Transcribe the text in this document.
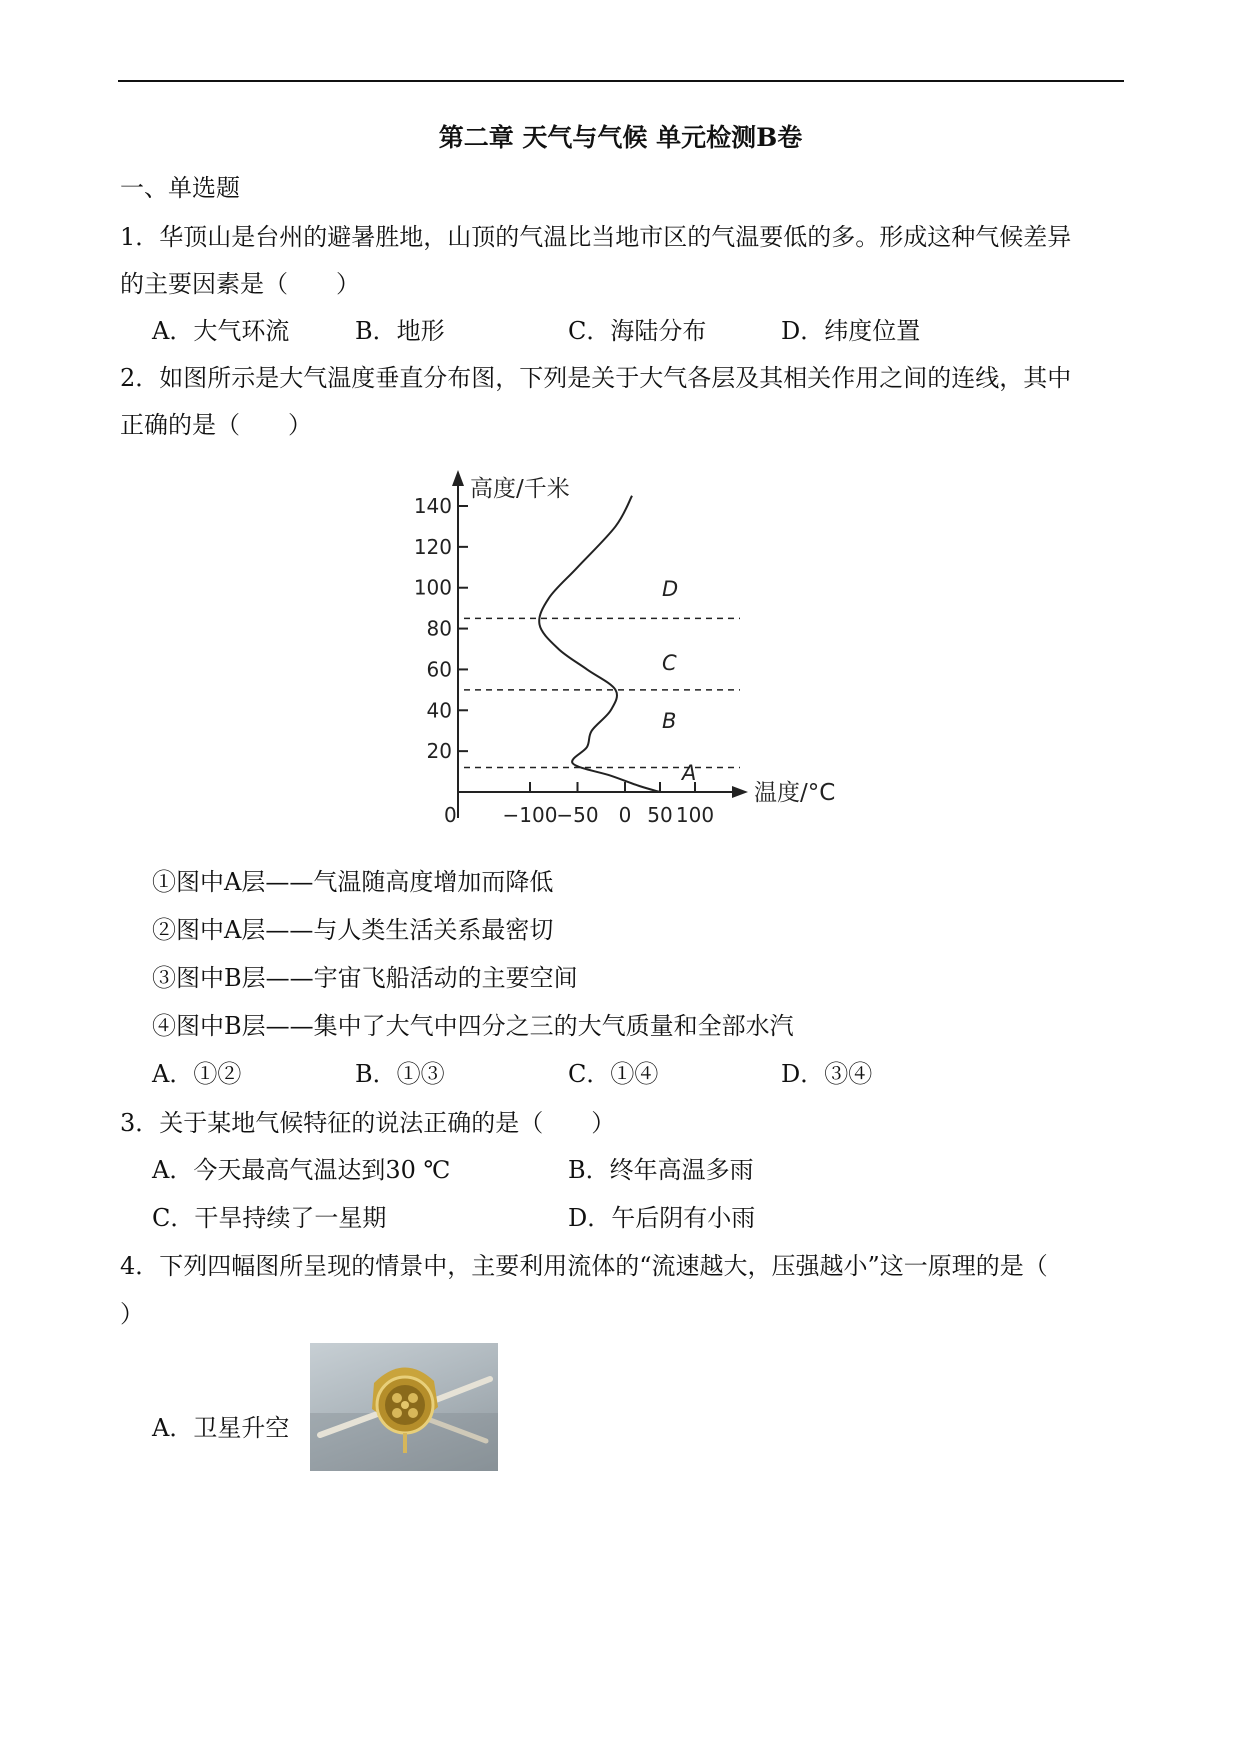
第二章 天气与气候 单元检测B卷
一、单选题
1．华顶山是台州的避暑胜地，山顶的气温比当地市区的气温要低的多。形成这种气候差异
的主要因素是（　　）
A．大气环流	B．地形	C．海陆分布	D．纬度位置
2．如图所示是大气温度垂直分布图，下列是关于大气各层及其相关作用之间的连线，其中
正确的是（　　）
高度/千米
温度/°C
0
140
120
100
80
60
40
20
−100
−50 0 50 100
D
C
B
A
①图中A层——气温随高度增加而降低
②图中A层——与人类生活关系最密切
③图中B层——宇宙飞船活动的主要空间
④图中B层——集中了大气中四分之三的大气质量和全部水汽
A．①②	B．①③	C．①④	D．③④
3．关于某地气候特征的说法正确的是（　　）
A．今天最高气温达到30 ℃	B．终年高温多雨
C．干旱持续了一星期	D．午后阴有小雨
4．下列四幅图所呈现的情景中，主要利用流体的“流速越大，压强越小”这一原理的是（
）
A．卫星升空
